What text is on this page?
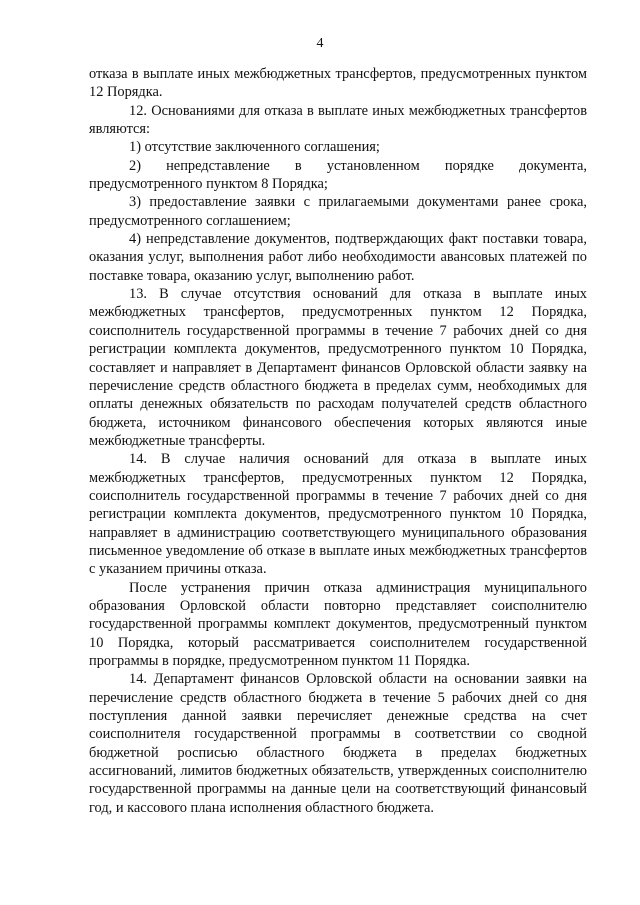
4

отказа в выплате иных межбюджетных трансфертов, предусмотренных пунктом 12 Порядка.

12. Основаниями для отказа в выплате иных межбюджетных трансфертов являются:

1) отсутствие заключенного соглашения;

2) непредставление в установленном порядке документа, предусмотренного пунктом 8 Порядка;

3) предоставление заявки с прилагаемыми документами ранее срока, предусмотренного соглашением;

4) непредставление документов, подтверждающих факт поставки товара, оказания услуг, выполнения работ либо необходимости авансовых платежей по поставке товара, оказанию услуг, выполнению работ.

13. В случае отсутствия оснований для отказа в выплате иных межбюджетных трансфертов, предусмотренных пунктом 12 Порядка, соисполнитель государственной программы в течение 7 рабочих дней со дня регистрации комплекта документов, предусмотренного пунктом 10 Порядка, составляет и направляет в Департамент финансов Орловской области заявку на перечисление средств областного бюджета в пределах сумм, необходимых для оплаты денежных обязательств по расходам получателей средств областного бюджета, источником финансового обеспечения которых являются иные межбюджетные трансферты.

14. В случае наличия оснований для отказа в выплате иных межбюджетных трансфертов, предусмотренных пунктом 12 Порядка, соисполнитель государственной программы в течение 7 рабочих дней со дня регистрации комплекта документов, предусмотренного пунктом 10 Порядка, направляет в администрацию соответствующего муниципального образования письменное уведомление об отказе в выплате иных межбюджетных трансфертов с указанием причины отказа.

После устранения причин отказа администрация муниципального образования Орловской области повторно представляет соисполнителю государственной программы комплект документов, предусмотренный пунктом 10 Порядка, который рассматривается соисполнителем государственной программы в порядке, предусмотренном пунктом 11 Порядка.

14. Департамент финансов Орловской области на основании заявки на перечисление средств областного бюджета в течение 5 рабочих дней со дня поступления данной заявки перечисляет денежные средства на счет соисполнителя государственной программы в соответствии со сводной бюджетной росписью областного бюджета в пределах бюджетных ассигнований, лимитов бюджетных обязательств, утвержденных соисполнителю государственной программы на данные цели на соответствующий финансовый год, и кассового плана исполнения областного бюджета.
